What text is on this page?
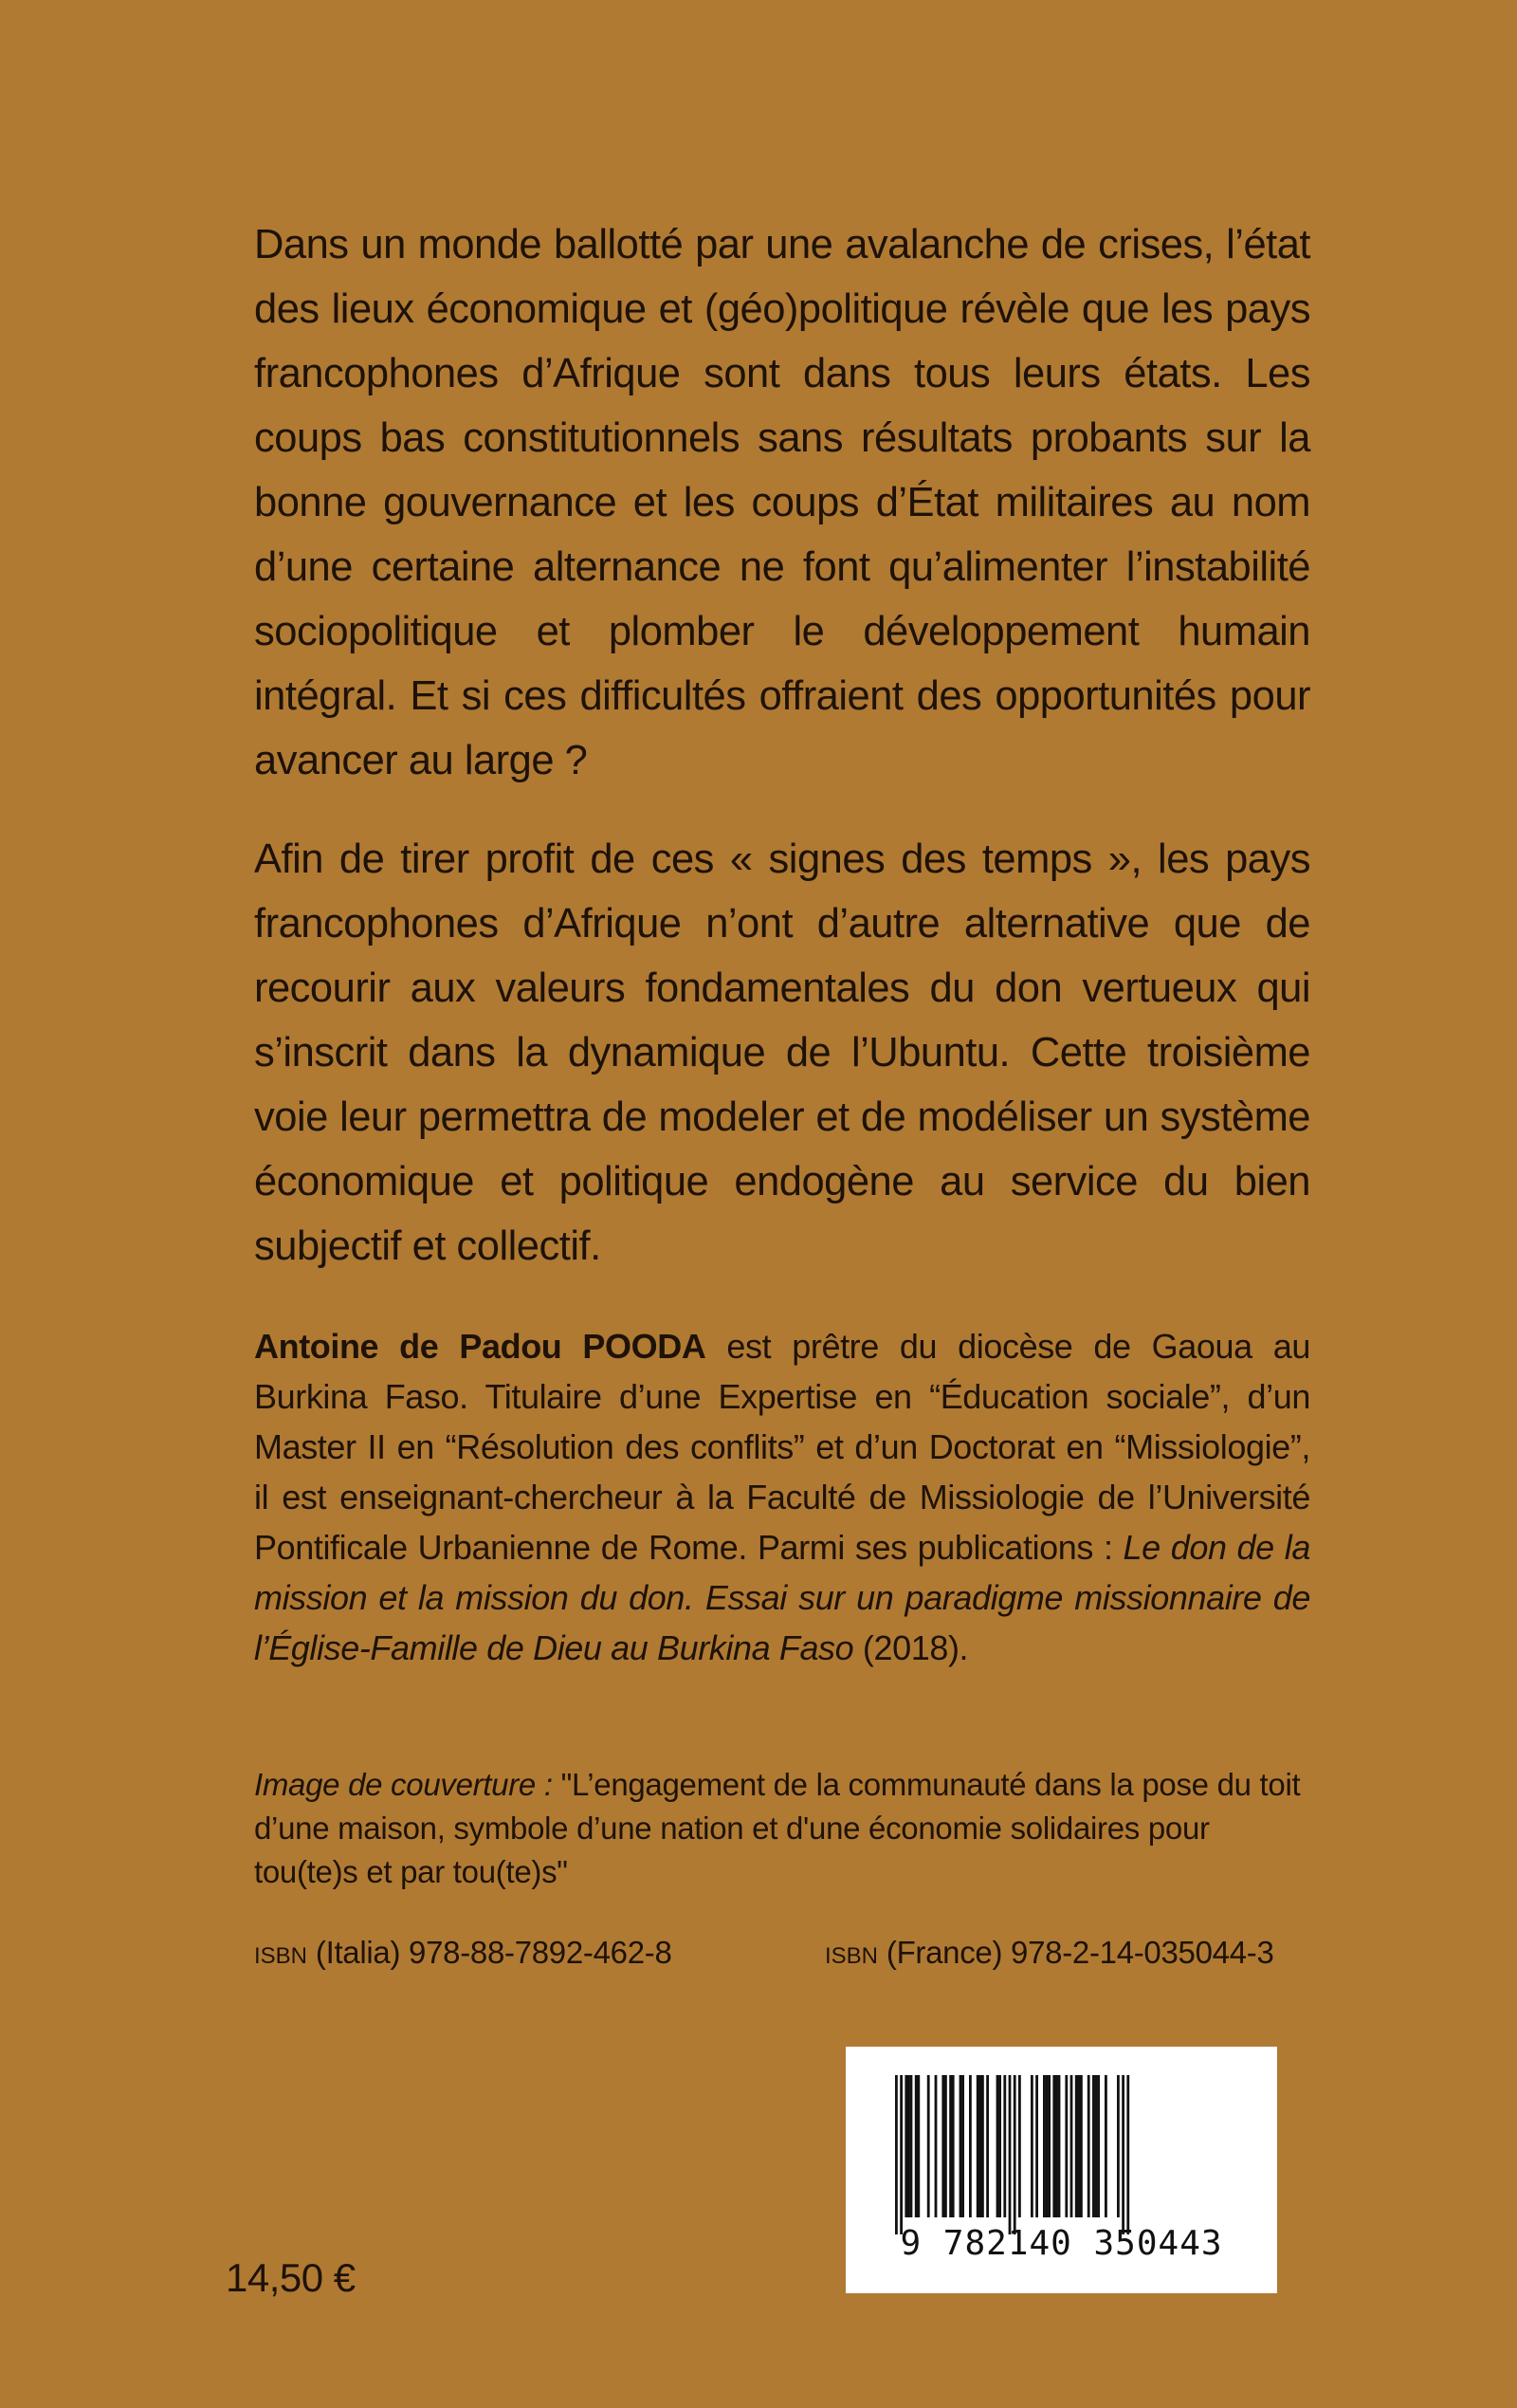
Dans un monde ballotté par une avalanche de crises, l’état des lieux économique et (géo)politique révèle que les pays francophones d’Afrique sont dans tous leurs états. Les coups bas constitutionnels sans résultats probants sur la bonne gouvernance et les coups d’État militaires au nom d’une certaine alternance ne font qu’alimenter l’instabilité sociopolitique et plomber le développement humain intégral. Et si ces difficultés offraient des opportunités pour avancer au large ?

Afin de tirer profit de ces « signes des temps », les pays francophones d’Afrique n’ont d’autre alternative que de recourir aux valeurs fondamentales du don vertueux qui s’inscrit dans la dynamique de l’Ubuntu. Cette troisième voie leur permettra de modeler et de modéliser un système économique et politique endogène au service du bien subjectif et collectif.

Antoine de Padou POODA est prêtre du diocèse de Gaoua au Burkina Faso. Titulaire d’une Expertise en “Éducation sociale”, d’un Master II en “Résolution des conflits” et d’un Doctorat en “Missiologie”, il est enseignant-chercheur à la Faculté de Missiologie de l’Université Pontificale Urbanienne de Rome. Parmi ses publications : Le don de la mission et la mission du don. Essai sur un paradigme missionnaire de l’Église-Famille de Dieu au Burkina Faso (2018).

Image de couverture : "L’engagement de la communauté dans la pose du toit d’une maison, symbole d’une nation et d'une économie solidaires pour tou(te)s et par tou(te)s"

ISBN (Italia) 978-88-7892-462-8	ISBN (France) 978-2-14-035044-3
9 782140 350443
14,50 €
